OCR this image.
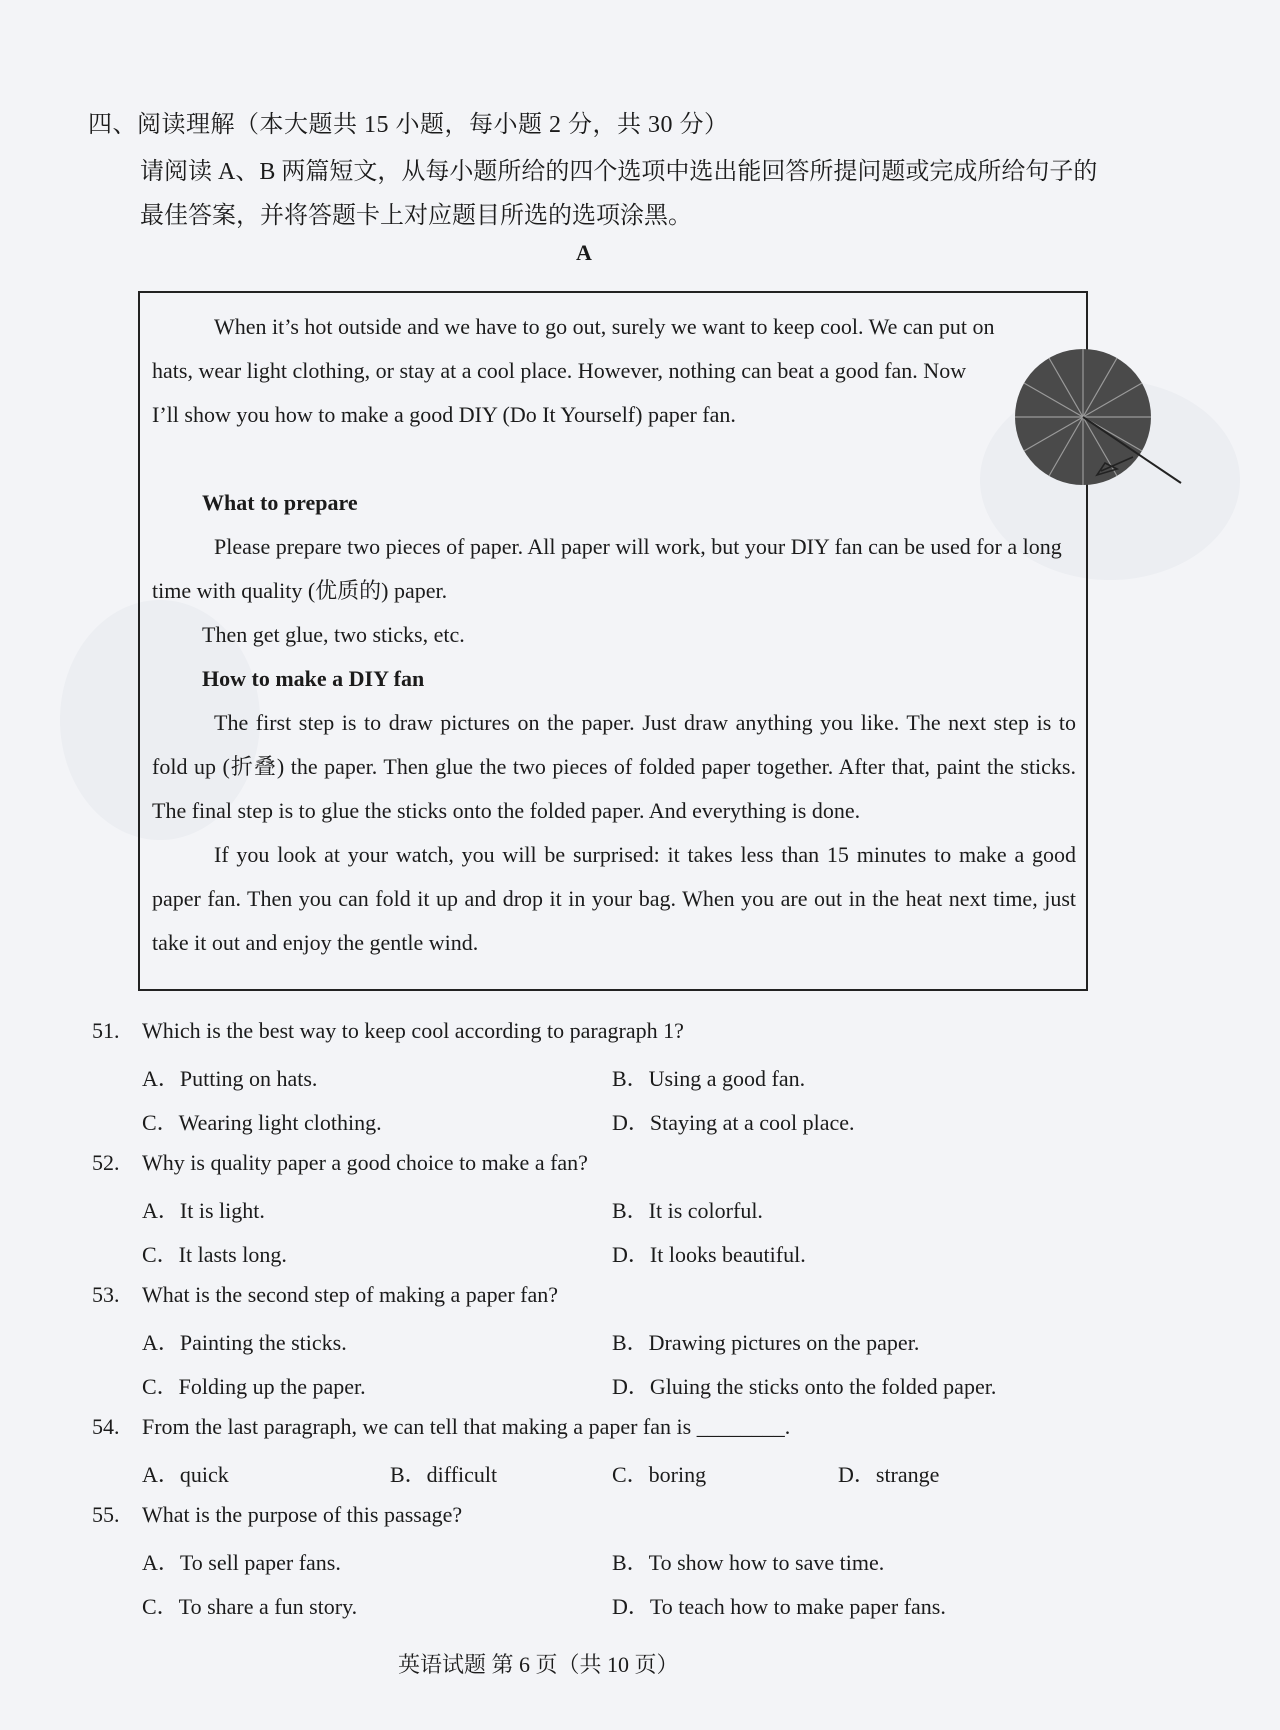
四、阅读理解（本大题共 15 小题，每小题 2 分，共 30 分）
请阅读 A、B 两篇短文，从每小题所给的四个选项中选出能回答所提问题或完成所给句子的最佳答案，并将答题卡上对应题目所选的选项涂黑。
A

When it’s hot outside and we have to go out, surely we want to keep cool. We can put on hats, wear light clothing, or stay at a cool place. However, nothing can beat a good fan. Now I’ll show you how to make a good DIY (Do It Yourself) paper fan.

What to prepare

Please prepare two pieces of paper. All paper will work, but your DIY fan can be used for a long time with quality (优质的) paper.

Then get glue, two sticks, etc.

How to make a DIY fan

The first step is to draw pictures on the paper. Just draw anything you like. The next step is to fold up (折叠) the paper. Then glue the two pieces of folded paper together. After that, paint the sticks. The final step is to glue the sticks onto the folded paper. And everything is done.

If you look at your watch, you will be surprised: it takes less than 15 minutes to make a good paper fan. Then you can fold it up and drop it in your bag. When you are out in the heat next time, just take it out and enjoy the gentle wind.

51. Which is the best way to keep cool according to paragraph 1?
A．Putting on hats.	B．Using a good fan.
C．Wearing light clothing.	D．Staying at a cool place.
52. Why is quality paper a good choice to make a fan?
A．It is light.	B．It is colorful.
C．It lasts long.	D．It looks beautiful.
53. What is the second step of making a paper fan?
A．Painting the sticks.	B．Drawing pictures on the paper.
C．Folding up the paper.	D．Gluing the sticks onto the folded paper.
54. From the last paragraph, we can tell that making a paper fan is ________.
A．quick	B．difficult	C．boring	D．strange
55. What is the purpose of this passage?
A．To sell paper fans.	B．To show how to save time.
C．To share a fun story.	D．To teach how to make paper fans.
英语试题 第 6 页（共 10 页）
